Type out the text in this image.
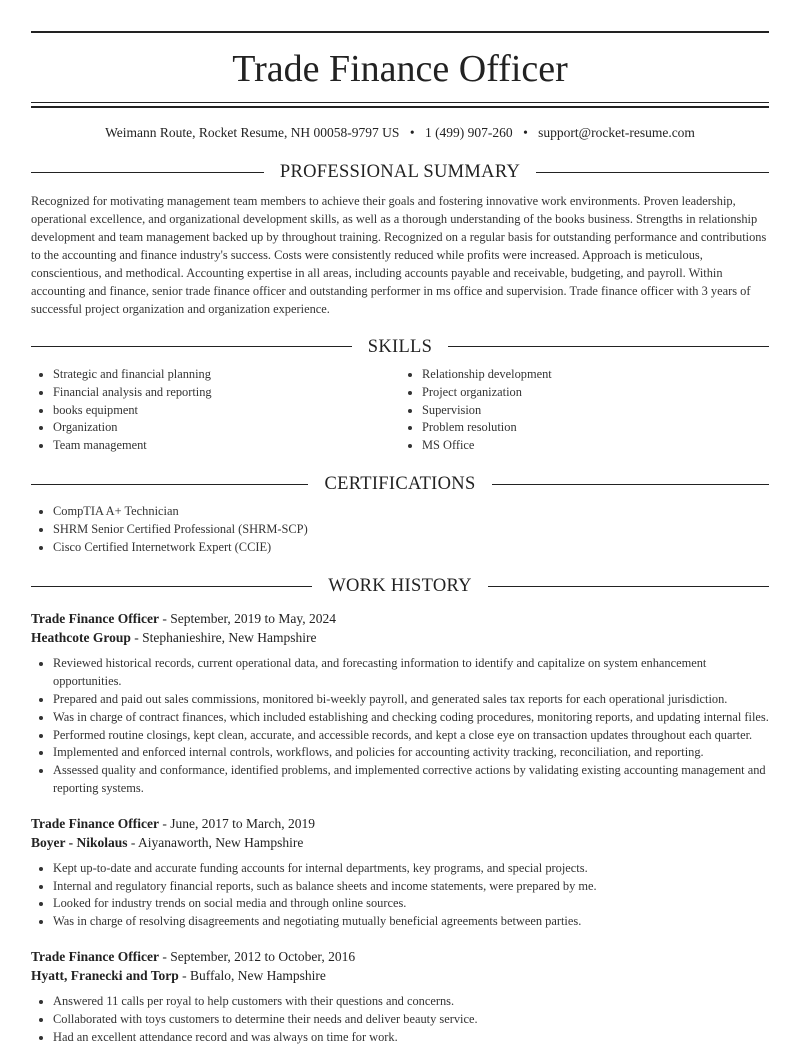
Trade Finance Officer
Weimann Route, Rocket Resume, NH 00058-9797 US • 1 (499) 907-260 • support@rocket-resume.com
PROFESSIONAL SUMMARY

Recognized for motivating management team members to achieve their goals and fostering innovative work environments. Proven leadership, operational excellence, and organizational development skills, as well as a thorough understanding of the books business. Strengths in relationship development and team management backed up by throughout training. Recognized on a regular basis for outstanding performance and contributions to the accounting and finance industry's success. Costs were consistently reduced while profits were increased. Approach is meticulous, conscientious, and methodical. Accounting expertise in all areas, including accounts payable and receivable, budgeting, and payroll. Within accounting and finance, senior trade finance officer and outstanding performer in ms office and supervision. Trade finance officer with 3 years of successful project organization and organization experience.

SKILLS
• Strategic and financial planning
• Financial analysis and reporting
• books equipment
• Organization
• Team management
• Relationship development
• Project organization
• Supervision
• Problem resolution
• MS Office
CERTIFICATIONS
• CompTIA A+ Technician
• SHRM Senior Certified Professional (SHRM-SCP)
• Cisco Certified Internetwork Expert (CCIE)
WORK HISTORY
Trade Finance Officer - September, 2019 to May, 2024
Heathcote Group - Stephanieshire, New Hampshire
• Reviewed historical records, current operational data, and forecasting information to identify and capitalize on system enhancement opportunities.
• Prepared and paid out sales commissions, monitored bi-weekly payroll, and generated sales tax reports for each operational jurisdiction.
• Was in charge of contract finances, which included establishing and checking coding procedures, monitoring reports, and updating internal files.
• Performed routine closings, kept clean, accurate, and accessible records, and kept a close eye on transaction updates throughout each quarter.
• Implemented and enforced internal controls, workflows, and policies for accounting activity tracking, reconciliation, and reporting.
• Assessed quality and conformance, identified problems, and implemented corrective actions by validating existing accounting management and reporting systems.
Trade Finance Officer - June, 2017 to March, 2019
Boyer - Nikolaus - Aiyanaworth, New Hampshire
• Kept up-to-date and accurate funding accounts for internal departments, key programs, and special projects.
• Internal and regulatory financial reports, such as balance sheets and income statements, were prepared by me.
• Looked for industry trends on social media and through online sources.
• Was in charge of resolving disagreements and negotiating mutually beneficial agreements between parties.
Trade Finance Officer - September, 2012 to October, 2016
Hyatt, Franecki and Torp - Buffalo, New Hampshire
• Answered 11 calls per royal to help customers with their questions and concerns.
• Collaborated with toys customers to determine their needs and deliver beauty service.
• Had an excellent attendance record and was always on time for work.
